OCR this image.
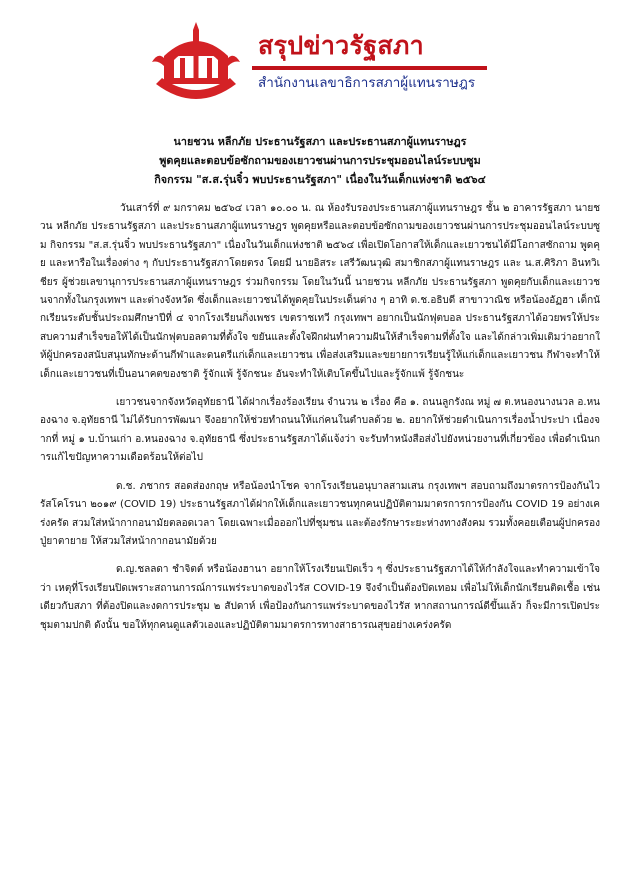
สรุปข่าวรัฐสภา
สำนักงานเลขาธิการสภาผู้แทนราษฎร
นายชวน หลีกภัย ประธานรัฐสภา และประธานสภาผู้แทนราษฎร
พูดคุยและตอบข้อซักถามของเยาวชนผ่านการประชุมออนไลน์ระบบซูม
กิจกรรม "ส.ส.รุ่นจิ๋ว พบประธานรัฐสภา" เนื่องในวันเด็กแห่งชาติ ๒๕๖๔

วันเสาร์ที่ ๙ มกราคม ๒๕๖๔ เวลา ๑๐.๐๐ น. ณ ห้องรับรองประธานสภาผู้แทนราษฎร ชั้น ๒ อาคารรัฐสภา นายชวน หลีกภัย ประธานรัฐสภา และประธานสภาผู้แทนราษฎร พูดคุยหรือและตอบข้อซักถามของเยาวชนผ่านการประชุมออนไลน์ระบบซูม กิจกรรม "ส.ส.รุ่นจิ๋ว พบประธานรัฐสภา" เนื่องในวันเด็กแห่งชาติ ๒๕๖๔ เพื่อเปิดโอกาสให้เด็กและเยาวชนได้มีโอกาสซักถาม พูดคุย และหารือในเรื่องต่าง ๆ กับประธานรัฐสภาโดยตรง โดยมี นายอิสระ เสรีวัฒนวุฒิ สมาชิกสภาผู้แทนราษฎร และ น.ส.ศิริภา อินทวิเชียร ผู้ช่วยเลขานุการประธานสภาผู้แทนราษฎร ร่วมกิจกรรม โดยในวันนี้ นายชวน หลีกภัย ประธานรัฐสภา พูดคุยกับเด็กและเยาวชนจากทั้งในกรุงเทพฯ และต่างจังหวัด ซึ่งเด็กและเยาวชนได้พูดคุยในประเด็นต่าง ๆ อาทิ ด.ช.อธิบดี สาขาวาณิช หรือน้องอัฏฮา เด็กนักเรียนระดับชั้นประถมศึกษาปีที่ ๔ จากโรงเรียนกิ่งเพชร เขตราชเทวี กรุงเทพฯ อยากเป็นนักฟุตบอล ประธานรัฐสภาได้อวยพรให้ประสบความสำเร็จขอให้ได้เป็นนักฟุตบอลตามที่ตั้งใจ ขยันและตั้งใจฝึกฝนทำความฝันให้สำเร็จตามที่ตั้งใจ และได้กล่าวเพิ่มเติมว่าอยากให้ผู้ปกครองสนับสนุนทักษะด้านกีฬาและดนตรีแก่เด็กและเยาวชน เพื่อส่งเสริมและขยายการเรียนรู้ให้แก่เด็กและเยาวชน กีฬาจะทำให้เด็กและเยาวชนที่เป็นอนาคตของชาติ รู้จักแพ้ รู้จักชนะ อันจะทำให้เติบโตขึ้นไปและรู้จักแพ้ รู้จักชนะ

เยาวชนจากจังหวัดอุทัยธานี ได้ฝากเรื่องร้องเรียน จำนวน ๒ เรื่อง คือ ๑. ถนนลูกรังณ หมู่ ๗ ต.หนองนางนวล อ.หนองฉาง จ.อุทัยธานี ไม่ได้รับการพัฒนา จึงอยากให้ช่วยทำถนนให้แก่คนในตำบลด้วย ๒. อยากให้ช่วยดำเนินการเรื่องน้ำประปา เนื่องจากที่ หมู่ ๑ บ.บ้านเก่า อ.หนองฉาง จ.อุทัยธานี ซึ่งประธานรัฐสภาได้แจ้งว่า จะรับทำหนังสือส่งไปยังหน่วยงานที่เกี่ยวข้อง เพื่อดำเนินการแก้ไขปัญหาความเดือดร้อนให้ต่อไป

ด.ช. ภชากร สอดส่องกฤษ หรือน้องนำโชค จากโรงเรียนอนุบาลสามเสน กรุงเทพฯ สอบถามถึงมาตรการป้องกันไวรัสโคโรนา ๒๐๑๙ (COVID 19) ประธานรัฐสภาได้ฝากให้เด็กและเยาวชนทุกคนปฏิบัติตามมาตรการการป้องกัน COVID 19 อย่างเคร่งครัด สวมใส่หน้ากากอนามัยตลอดเวลา โดยเฉพาะเมื่อออกไปที่ชุมชน และต้องรักษาระยะห่างทางสังคม รวมทั้งคอยเตือนผู้ปกครอง ปู่ยาตายาย ให้สวมใส่หน้ากากอนามัยด้วย

ด.ญ.ชลลดา ชำจิตต์ หรือน้องฮานา อยากให้โรงเรียนเปิดเร็ว ๆ ซึ่งประธานรัฐสภาได้ให้กำลังใจและทำความเข้าใจว่า เหตุที่โรงเรียนปิดเพราะสถานการณ์การแพร่ระบาดของไวรัส COVID-19 จึงจำเป็นต้องปิดเทอม เพื่อไม่ให้เด็กนักเรียนติดเชื้อ เช่นเดียวกับสภา ที่ต้องปิดและงดการประชุม ๒ สัปดาห์ เพื่อป้องกันการแพร่ระบาดของไวรัส หากสถานการณ์ดีขึ้นแล้ว ก็จะมีการเปิดประชุมตามปกติ ดังนั้น ขอให้ทุกคนดูแลตัวเองและปฏิบัติตามมาตรการทางสาธารณสุขอย่างเคร่งครัด
